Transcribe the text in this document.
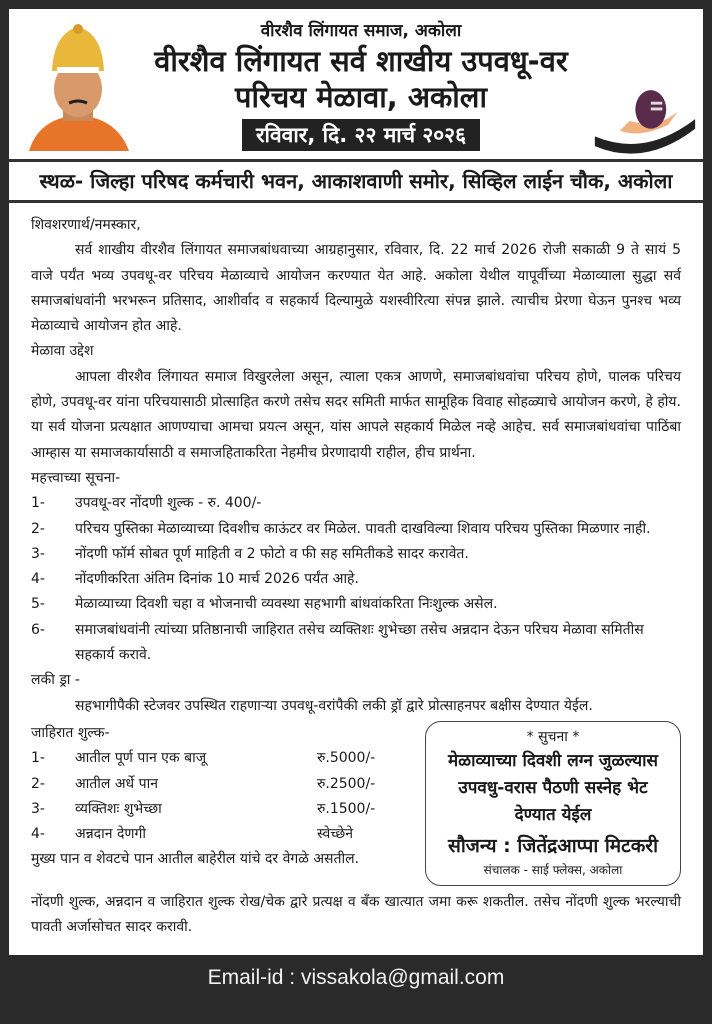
वीरशैव लिंगायत समाज, अकोला
वीरशैव लिंगायत सर्व शाखीय उपवधू-वर
परिचय मेळावा, अकोला
रविवार, दि. २२ मार्च २०२६
स्थळ- जिल्हा परिषद कर्मचारी भवन, आकाशवाणी समोर, सिव्हिल लाईन चौक, अकोला

शिवशरणार्थ/नमस्कार,

सर्व शाखीय वीरशैव लिंगायत समाजबांधवाच्या आग्रहानुसार, रविवार, दि. 22 मार्च 2026 रोजी सकाळी 9 ते सायं 5 वाजे पर्यंत भव्य उपवधू-वर परिचय मेळाव्याचे आयोजन करण्यात येत आहे. अकोला येथील यापूर्वीच्या मेळाव्याला सुद्धा सर्व समाजबांधवांनी भरभरून प्रतिसाद, आशीर्वाद व सहकार्य दिल्यामुळे यशस्वीरित्या संपन्न झाले. त्याचीच प्रेरणा घेऊन पुनश्च भव्य मेळाव्याचे आयोजन होत आहे.

मेळावा उद्देश

आपला वीरशैव लिंगायत समाज विखुरलेला असून, त्याला एकत्र आणणे, समाजबांधवांचा परिचय होणे, पालक परिचय होणे, उपवधू-वर यांना परिचयासाठी प्रोत्साहित करणे तसेच सदर समिती मार्फत सामूहिक विवाह सोहळ्याचे आयोजन करणे, हे होय. या सर्व योजना प्रत्यक्षात आणण्याचा आमचा प्रयत्न असून, यांस आपले सहकार्य मिळेल नव्हे आहेच. सर्व समाजबांधवांचा पाठिंबा आम्हास या समाजकार्यासाठी व समाजहिताकरिता नेहमीच प्रेरणादायी राहील, हीच प्रार्थना.

महत्त्वाच्या सूचना-

1-	उपवधू-वर नोंदणी शुल्क - रु. 400/-
2-	परिचय पुस्तिका मेळाव्याच्या दिवशीच काऊंटर वर मिळेल. पावती दाखविल्या शिवाय परिचय पुस्तिका मिळणार नाही.
3-	नोंदणी फॉर्म सोबत पूर्ण माहिती व 2 फोटो व फी सह समितीकडे सादर करावेत.
4-	नोंदणीकरिता अंतिम दिनांक 10 मार्च 2026 पर्यंत आहे.
5-	मेळाव्याच्या दिवशी चहा व भोजनाची व्यवस्था सहभागी बांधवांकरिता निःशुल्क असेल.
6-	समाजबांधवांनी त्यांच्या प्रतिष्ठानाची जाहिरात तसेच व्यक्तिशः शुभेच्छा तसेच अन्नदान देऊन परिचय मेळावा समितीस सहकार्य करावे.

लकी ड्रा -

सहभागीपैकी स्टेजवर उपस्थित राहणाऱ्या उपवधू-वरांपैकी लकी ड्रॉ द्वारे प्रोत्साहनपर बक्षीस देण्यात येईल.

जाहिरात शुल्क-

1-	आतील पूर्ण पान एक बाजू	रु.5000/-
2-	आतील अर्धे पान	रु.2500/-
3-	व्यक्तिशः शुभेच्छा	रु.1500/-
4-	अन्नदान देणगी	स्वेच्छेने

मुख्य पान व शेवटचे पान आतील बाहेरील यांचे दर वेगळे असतील.

* सुचना *
मेळाव्याच्या दिवशी लग्न जुळल्यास
उपवधु-वरास पैठणी सस्नेह भेट
देण्यात येईल
सौजन्य : जितेंद्रआप्पा मिटकरी
संचालक - साई फ्लेक्स, अकोला

नोंदणी शुल्क, अन्नदान व जाहिरात शुल्क रोख/चेक द्वारे प्रत्यक्ष व बँक खात्यात जमा करू शकतील. तसेच नोंदणी शुल्क भरल्याची पावती अर्जासोचत सादर करावी.

Email-id : vissakola@gmail.com
